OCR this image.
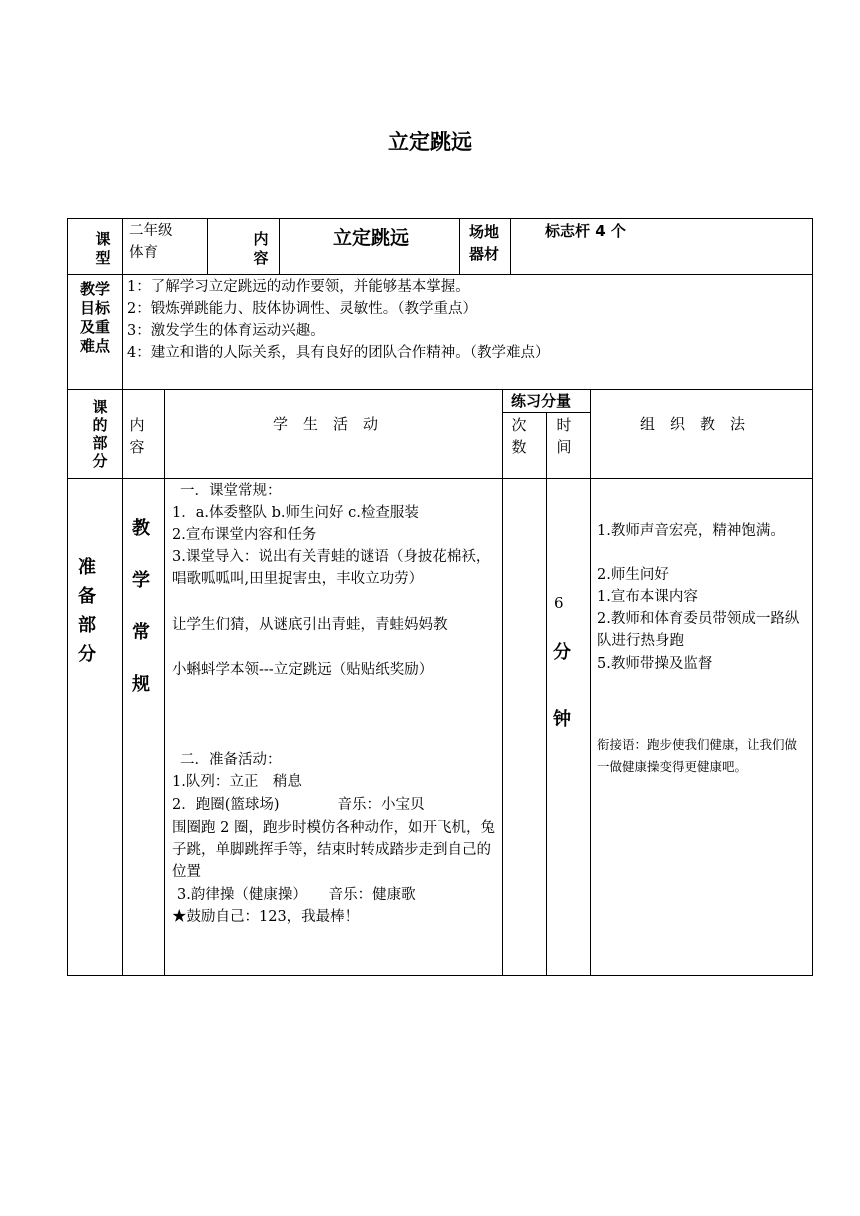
立定跳远
课
型
二年级
体育
内
容
立定跳远	场地
器材
标志杆 4 个
教学
目标
及重
难点
1：了解学习立定跳远的动作要领，并能够基本掌握。
2：锻炼弹跳能力、肢体协调性、灵敏性。（教学重点）
3：激发学生的体育运动兴趣。
4：建立和谐的人际关系，具有良好的团队合作精神。（教学难点）
课
的
部
分
内
容
学　生　活　动
练习分量
次
数
时
间
组　织　教　法
准
备
部
分
教
学
常
规
一．课堂常规：
1．a.体委整队 b.师生问好 c.检查服装
2.宣布课堂内容和任务
3.课堂导入：说出有关青蛙的谜语（身披花棉袄，唱歌呱呱叫,田里捉害虫，丰收立功劳）
让学生们猜，从谜底引出青蛙，青蛙妈妈教
小蝌蚪学本领---立定跳远（贴贴纸奖励）
二．准备活动：
1.队列：立正　稍息
2．跑圈(篮球场)　　　　音乐：小宝贝
围圈跑 2 圈，跑步时模仿各种动作，如开飞机，兔子跳，单脚跳挥手等，结束时转成踏步走到自己的位置
3.韵律操（健康操）　　音乐：健康歌
★鼓励自己：123，我最棒！
6
分
钟
1.教师声音宏亮，精神饱满。
2.师生问好
1.宣布本课内容
2.教师和体育委员带领成一路纵队进行热身跑
5.教师带操及监督
衔接语：跑步使我们健康，让我们做一做健康操变得更健康吧。
